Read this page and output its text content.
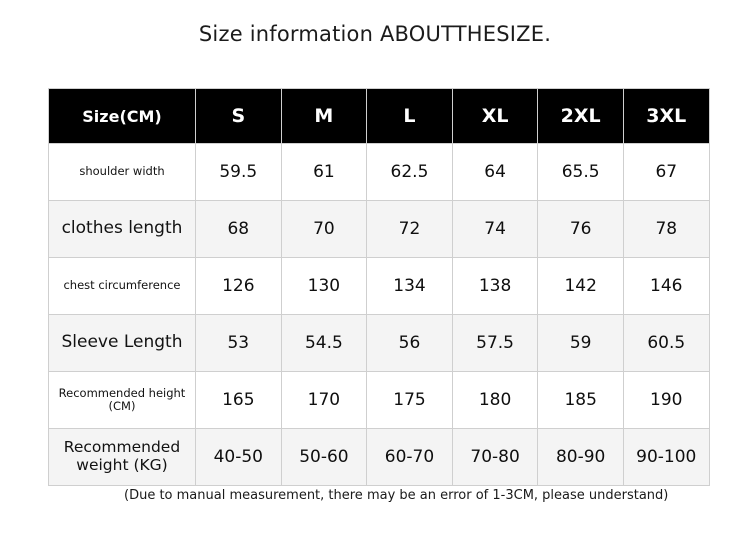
Size information ABOUTTHESIZE.
Size(CM)	S	M	L	XL	2XL	3XL
shoulder width	59.5	61	62.5	64	65.5	67
clothes length	68	70	72	74	76	78
chest circumference	126	130	134	138	142	146
Sleeve Length	53	54.5	56	57.5	59	60.5
Recommended height (CM)	165	170	175	180	185	190
Recommended weight (KG)	40-50	50-60	60-70	70-80	80-90	90-100
(Due to manual measurement, there may be an error of 1-3CM, please understand)
